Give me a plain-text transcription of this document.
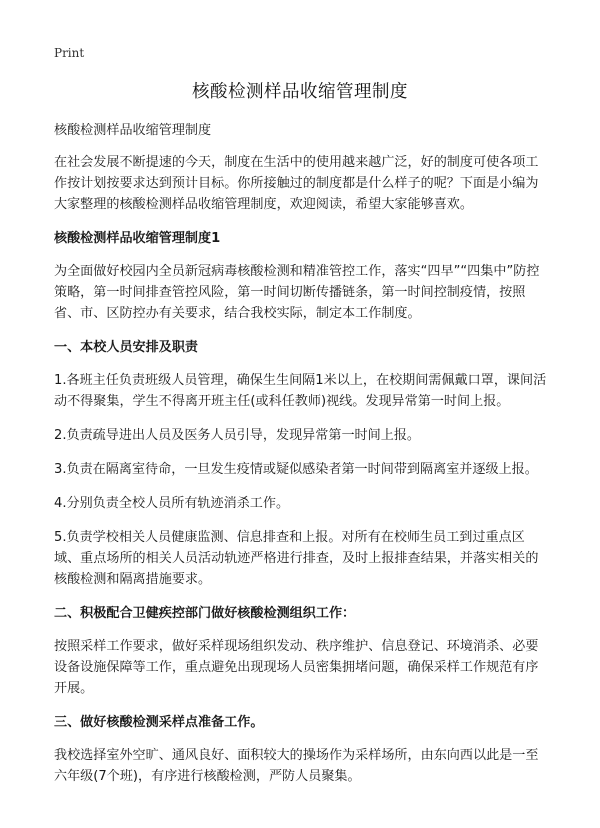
Print
核酸检测样品收缩管理制度

核酸检测样品收缩管理制度

在社会发展不断提速的今天，制度在生活中的使用越来越广泛，好的制度可使各项工作按计划按要求达到预计目标。你所接触过的制度都是什么样子的呢？下面是小编为大家整理的核酸检测样品收缩管理制度，欢迎阅读，希望大家能够喜欢。

核酸检测样品收缩管理制度1

为全面做好校园内全员新冠病毒核酸检测和精准管控工作，落实“四早”“四集中”防控策略，第一时间排查管控风险，第一时间切断传播链条，第一时间控制疫情，按照省、市、区防控办有关要求，结合我校实际，制定本工作制度。

一、本校人员安排及职责

1.各班主任负责班级人员管理，确保生生间隔1米以上，在校期间需佩戴口罩，课间活动不得聚集，学生不得离开班主任(或科任教师)视线。发现异常第一时间上报。

2.负责疏导进出人员及医务人员引导，发现异常第一时间上报。

3.负责在隔离室待命，一旦发生疫情或疑似感染者第一时间带到隔离室并逐级上报。

4.分别负责全校人员所有轨迹消杀工作。

5.负责学校相关人员健康监测、信息排查和上报。对所有在校师生员工到过重点区域、重点场所的相关人员活动轨迹严格进行排查，及时上报排查结果，并落实相关的核酸检测和隔离措施要求。

二、积极配合卫健疾控部门做好核酸检测组织工作：

按照采样工作要求，做好采样现场组织发动、秩序维护、信息登记、环境消杀、必要设备设施保障等工作，重点避免出现现场人员密集拥堵问题，确保采样工作规范有序开展。

三、做好核酸检测采样点准备工作。

我校选择室外空旷、通风良好、面积较大的操场作为采样场所，由东向西以此是一至六年级(7个班)，有序进行核酸检测，严防人员聚集。
